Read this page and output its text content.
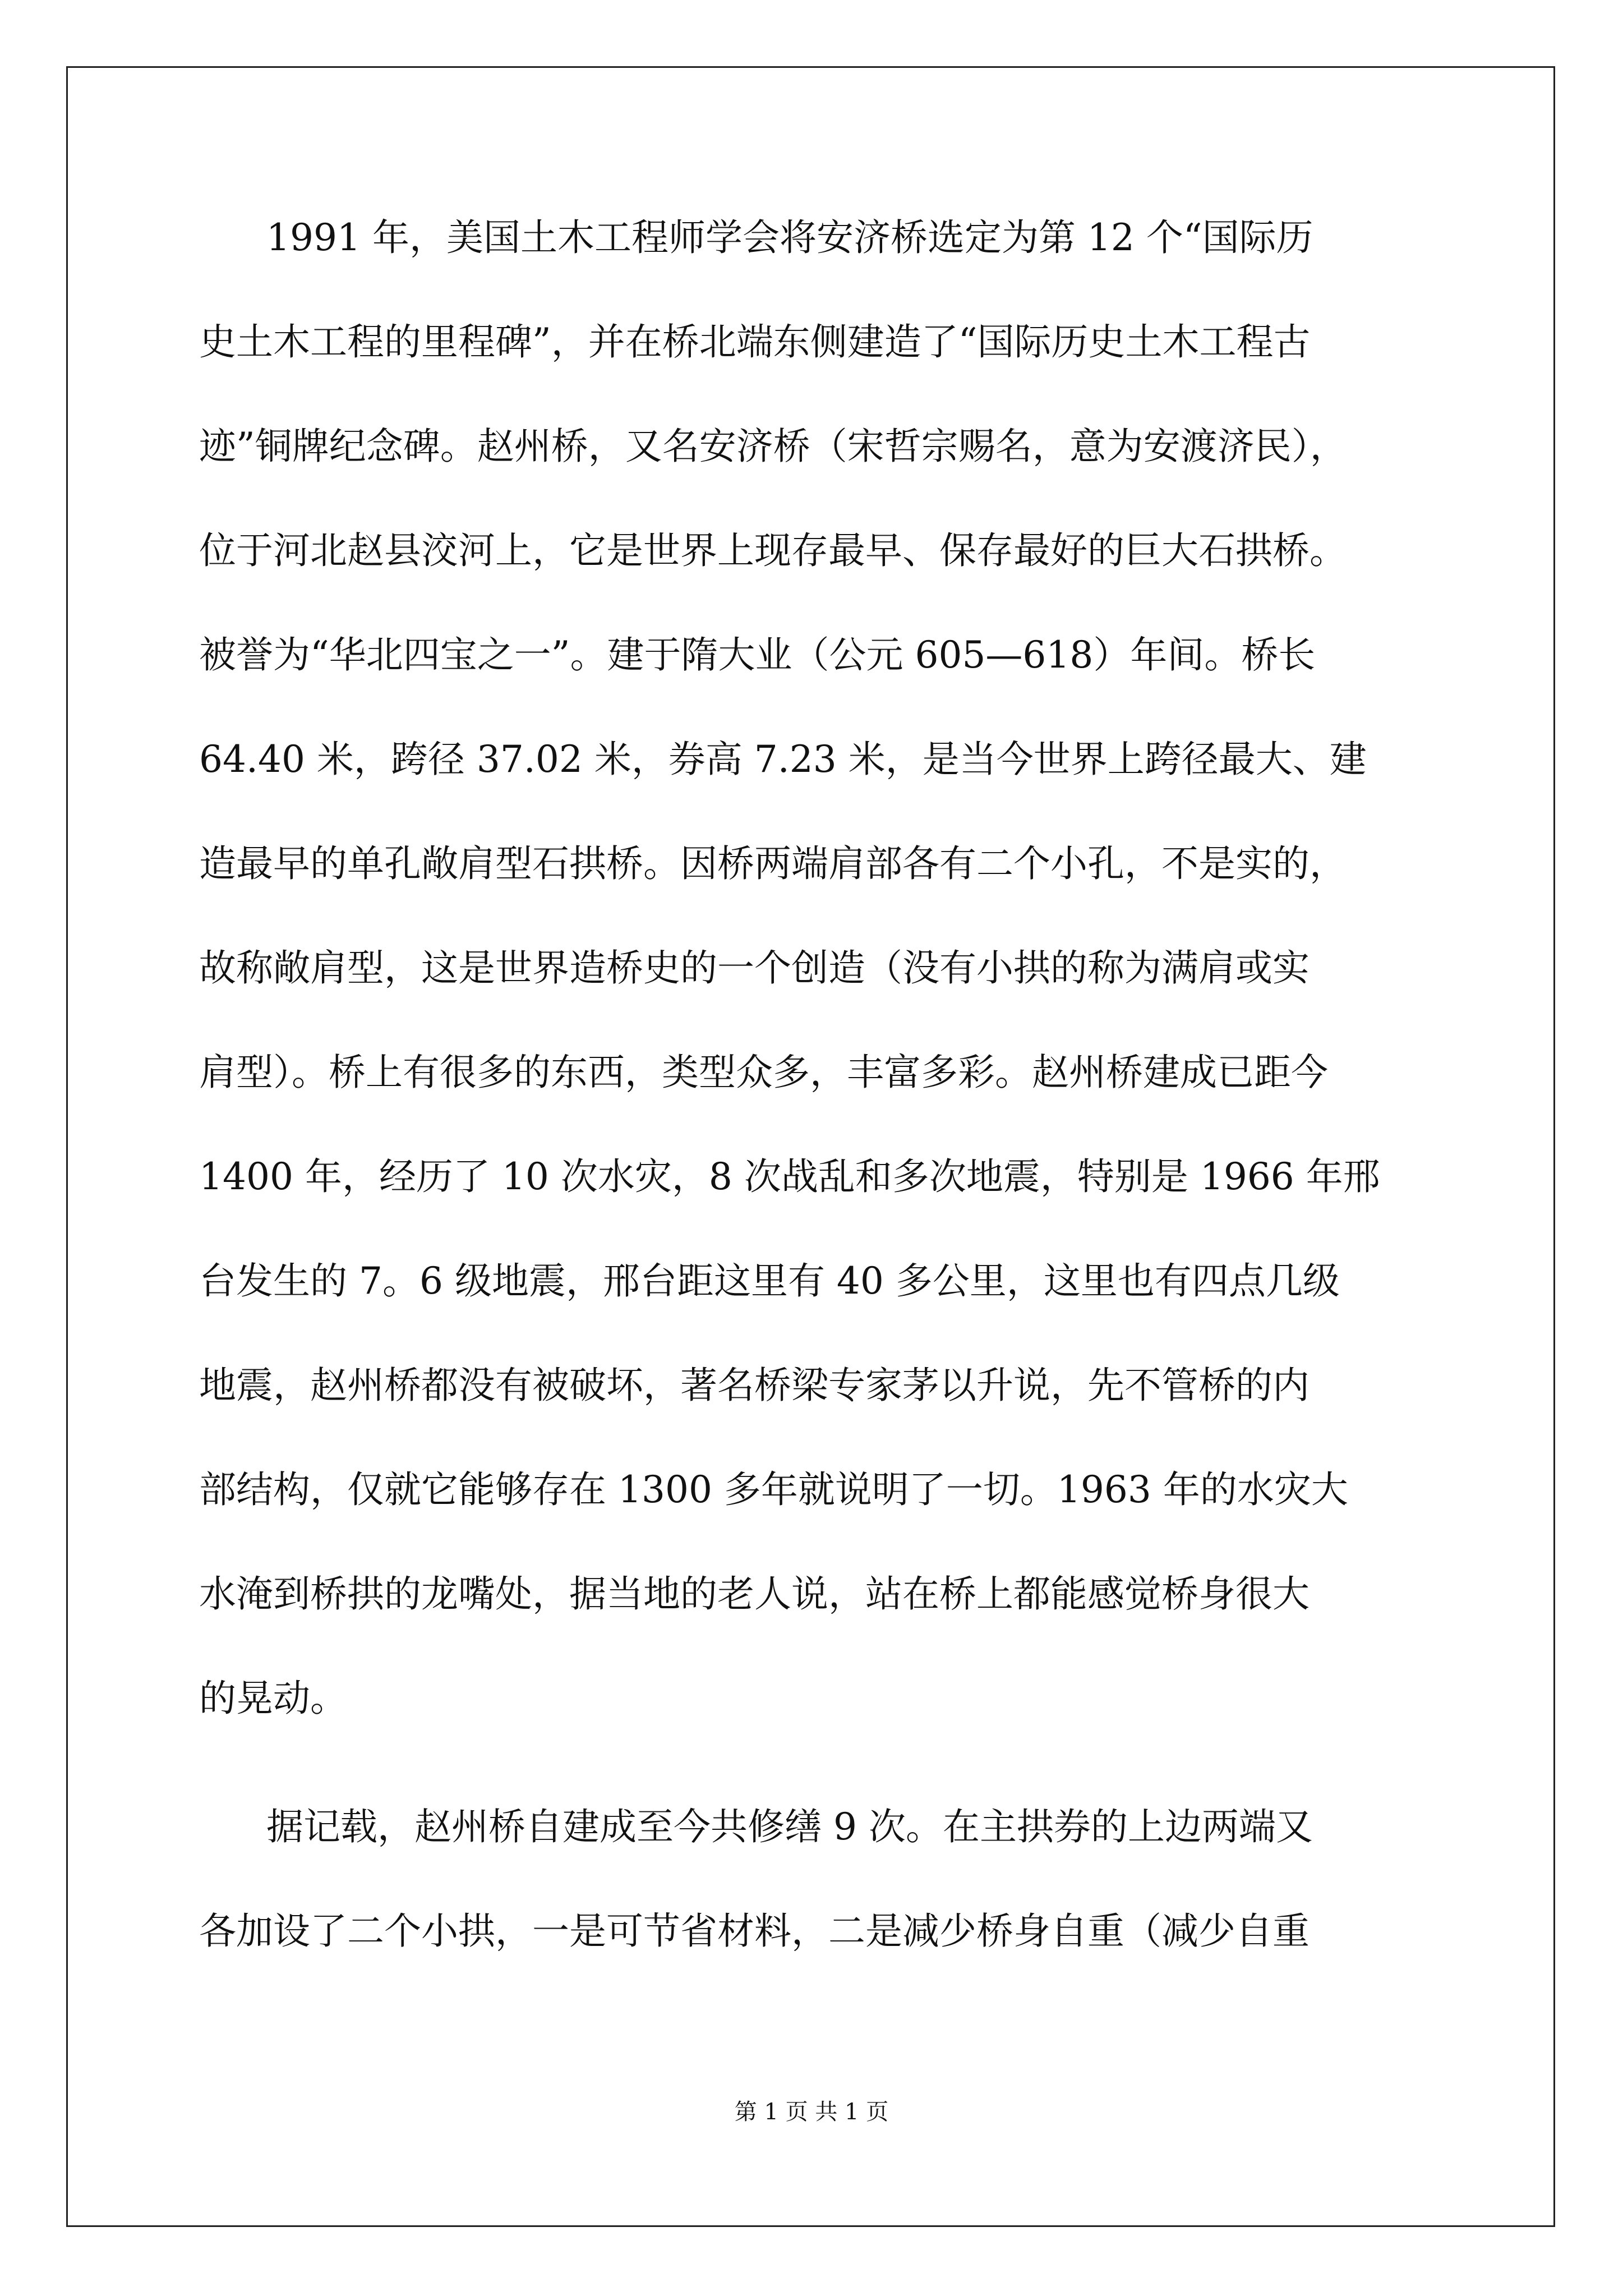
1991 年，美国土木工程师学会将安济桥选定为第 12 个“国际历
史土木工程的里程碑”，并在桥北端东侧建造了“国际历史土木工程古
迹”铜牌纪念碑。赵州桥，又名安济桥（宋哲宗赐名，意为安渡济民），
位于河北赵县洨河上，它是世界上现存最早、保存最好的巨大石拱桥。
被誉为“华北四宝之一”。建于隋大业（公元 605—618）年间。桥长
64.40 米，跨径 37.02 米，券高 7.23 米，是当今世界上跨径最大、建
造最早的单孔敞肩型石拱桥。因桥两端肩部各有二个小孔，不是实的，
故称敞肩型，这是世界造桥史的一个创造（没有小拱的称为满肩或实
肩型）。桥上有很多的东西，类型众多，丰富多彩。赵州桥建成已距今
1400 年，经历了 10 次水灾，8 次战乱和多次地震，特别是 1966 年邢
台发生的 7。6 级地震，邢台距这里有 40 多公里，这里也有四点几级
地震，赵州桥都没有被破坏，著名桥梁专家茅以升说，先不管桥的内
部结构，仅就它能够存在 1300 多年就说明了一切。1963 年的水灾大
水淹到桥拱的龙嘴处，据当地的老人说，站在桥上都能感觉桥身很大
的晃动。
据记载，赵州桥自建成至今共修缮 9 次。在主拱券的上边两端又
各加设了二个小拱，一是可节省材料，二是减少桥身自重（减少自重
第 1 页 共 1 页
